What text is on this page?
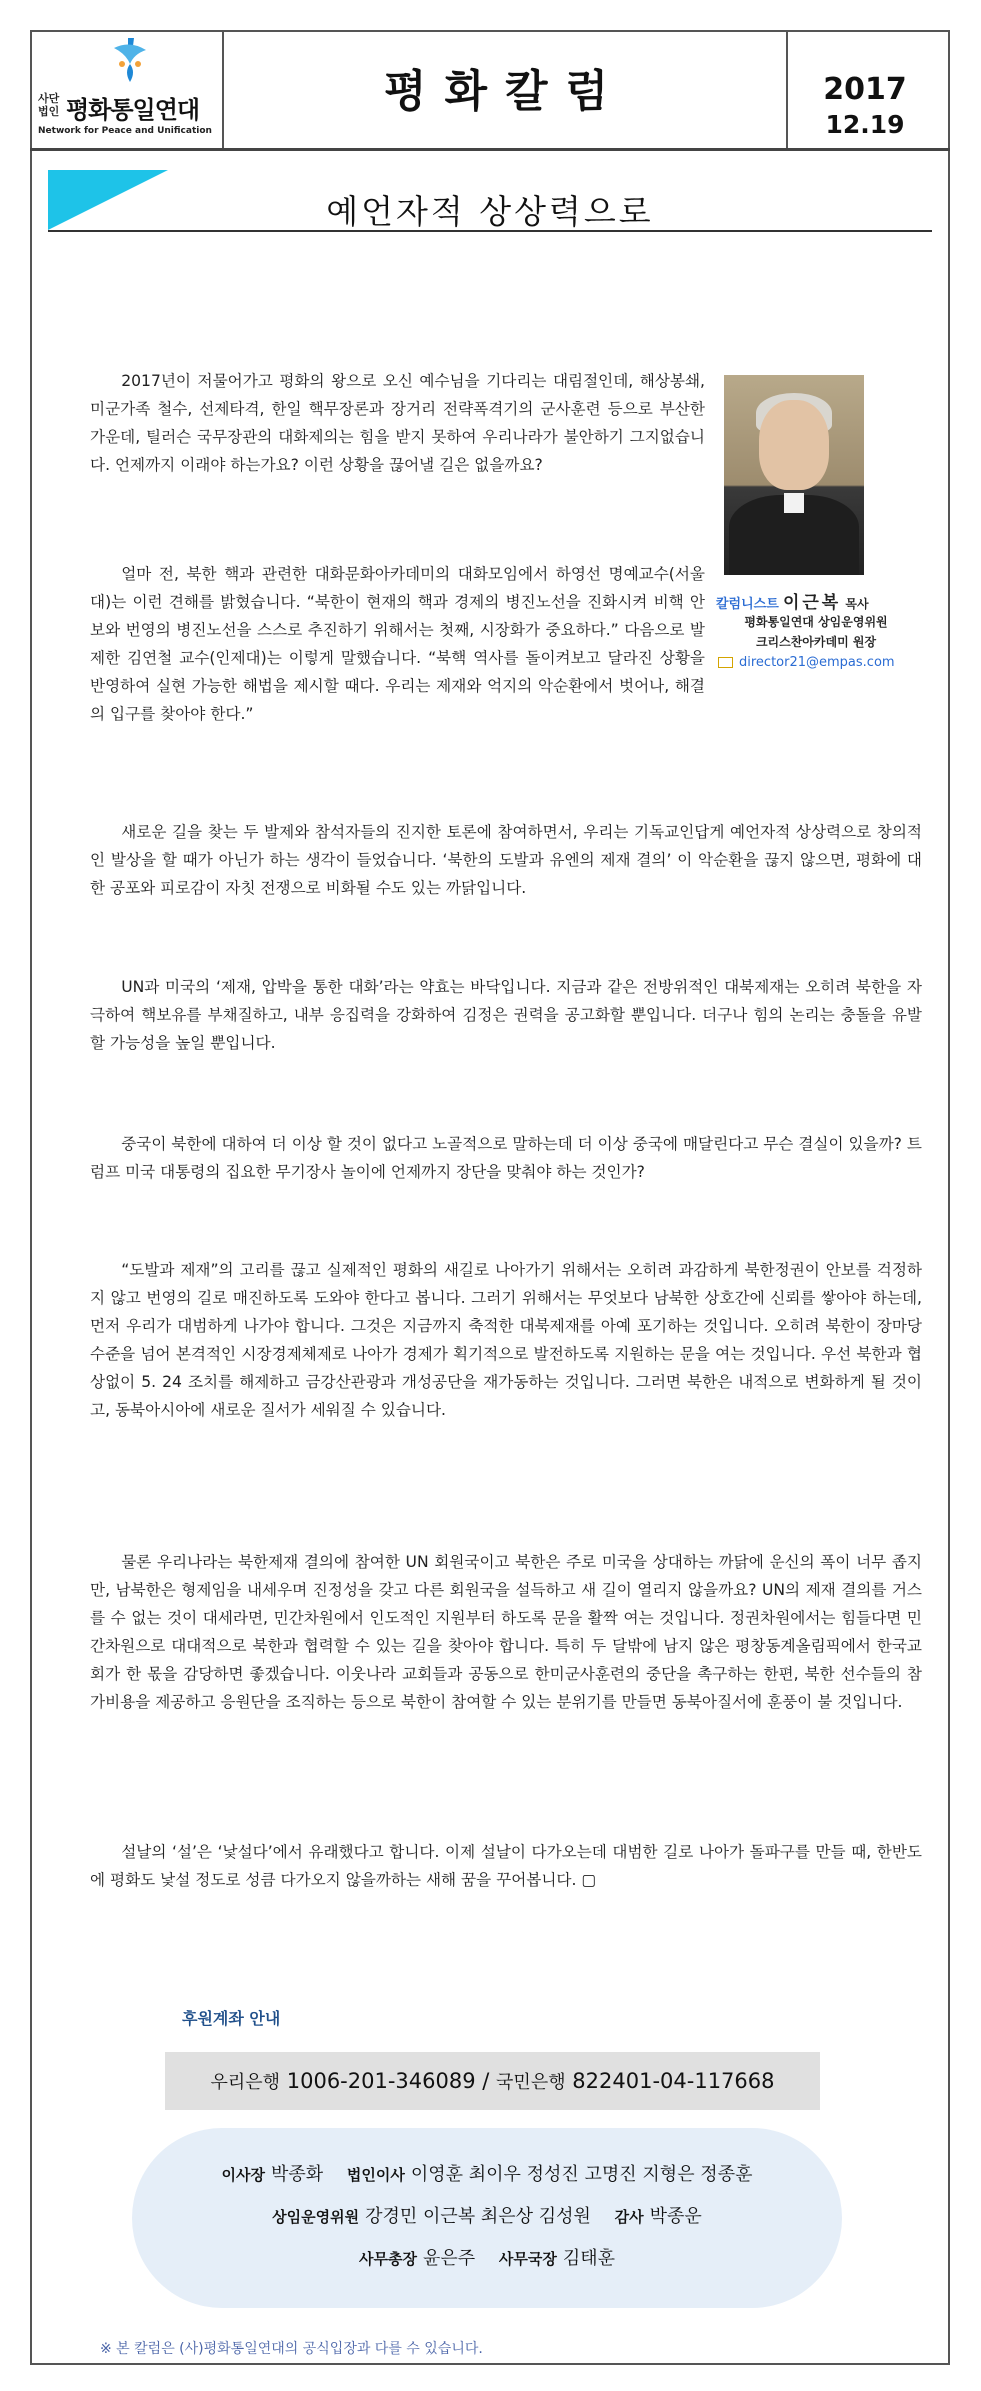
사단
법인 평화통일연대
Network for Peace and Unification
평화칼럼	2017
12.19
예언자적 상상력으로
칼럼니스트 이근복 목사
평화통일연대 상임운영위원
크리스찬아카데미 원장
director21@empas.com
2017년이 저물어가고 평화의 왕으로 오신 예수님을 기다리는 대림절인데, 해상봉쇄, 미군가족 철수, 선제타격, 한일 핵무장론과 장거리 전략폭격기의 군사훈련 등으로 부산한 가운데, 틸러슨 국무장관의 대화제의는 힘을 받지 못하여 우리나라가 불안하기 그지없습니다. 언제까지 이래야 하는가요? 이런 상황을 끊어낼 길은 없을까요?
얼마 전, 북한 핵과 관련한 대화문화아카데미의 대화모임에서 하영선 명예교수(서울대)는 이런 견해를 밝혔습니다. “북한이 현재의 핵과 경제의 병진노선을 진화시켜 비핵 안보와 번영의 병진노선을 스스로 추진하기 위해서는 첫째, 시장화가 중요하다.” 다음으로 발제한 김연철 교수(인제대)는 이렇게 말했습니다. “북핵 역사를 돌이켜보고 달라진 상황을 반영하여 실현 가능한 해법을 제시할 때다. 우리는 제재와 억지의 악순환에서 벗어나, 해결의 입구를 찾아야 한다.”
새로운 길을 찾는 두 발제와 참석자들의 진지한 토론에 참여하면서, 우리는 기독교인답게 예언자적 상상력으로 창의적인 발상을 할 때가 아닌가 하는 생각이 들었습니다. ‘북한의 도발과 유엔의 제재 결의’ 이 악순환을 끊지 않으면, 평화에 대한 공포와 피로감이 자칫 전쟁으로 비화될 수도 있는 까닭입니다.
UN과 미국의 ‘제재, 압박을 통한 대화’라는 약효는 바닥입니다. 지금과 같은 전방위적인 대북제재는 오히려 북한을 자극하여 핵보유를 부채질하고, 내부 응집력을 강화하여 김정은 권력을 공고화할 뿐입니다. 더구나 힘의 논리는 충돌을 유발할 가능성을 높일 뿐입니다.
중국이 북한에 대하여 더 이상 할 것이 없다고 노골적으로 말하는데 더 이상 중국에 매달린다고 무슨 결실이 있을까? 트럼프 미국 대통령의 집요한 무기장사 놀이에 언제까지 장단을 맞춰야 하는 것인가?
“도발과 제재”의 고리를 끊고 실제적인 평화의 새길로 나아가기 위해서는 오히려 과감하게 북한정권이 안보를 걱정하지 않고 번영의 길로 매진하도록 도와야 한다고 봅니다. 그러기 위해서는 무엇보다 남북한 상호간에 신뢰를 쌓아야 하는데, 먼저 우리가 대범하게 나가야 합니다. 그것은 지금까지 축적한 대북제재를 아예 포기하는 것입니다. 오히려 북한이 장마당 수준을 넘어 본격적인 시장경제체제로 나아가 경제가 획기적으로 발전하도록 지원하는 문을 여는 것입니다. 우선 북한과 협상없이 5. 24 조치를 해제하고 금강산관광과 개성공단을 재가동하는 것입니다. 그러면 북한은 내적으로 변화하게 될 것이고, 동북아시아에 새로운 질서가 세워질 수 있습니다.
물론 우리나라는 북한제재 결의에 참여한 UN 회원국이고 북한은 주로 미국을 상대하는 까닭에 운신의 폭이 너무 좁지만, 남북한은 형제임을 내세우며 진정성을 갖고 다른 회원국을 설득하고 새 길이 열리지 않을까요? UN의 제재 결의를 거스를 수 없는 것이 대세라면, 민간차원에서 인도적인 지원부터 하도록 문을 활짝 여는 것입니다. 정권차원에서는 힘들다면 민간차원으로 대대적으로 북한과 협력할 수 있는 길을 찾아야 합니다. 특히 두 달밖에 남지 않은 평창동계올림픽에서 한국교회가 한 몫을 감당하면 좋겠습니다. 이웃나라 교회들과 공동으로 한미군사훈련의 중단을 촉구하는 한편, 북한 선수들의 참가비용을 제공하고 응원단을 조직하는 등으로 북한이 참여할 수 있는 분위기를 만들면 동북아질서에 훈풍이 불 것입니다.
설날의 ‘설’은 ‘낯설다’에서 유래했다고 합니다. 이제 설날이 다가오는데 대범한 길로 나아가 돌파구를 만들 때, 한반도에 평화도 낯설 정도로 성큼 다가오지 않을까하는 새해 꿈을 꾸어봅니다. ▢
후원계좌 안내
우리은행 1006-201-346089 / 국민은행 822401-04-117668
이사장 박종화 법인이사 이영훈 최이우 정성진 고명진 지형은 정종훈
상임운영위원 강경민 이근복 최은상 김성원 감사 박종운
사무총장 윤은주 사무국장 김태훈
※ 본 칼럼은 (사)평화통일연대의 공식입장과 다를 수 있습니다.
